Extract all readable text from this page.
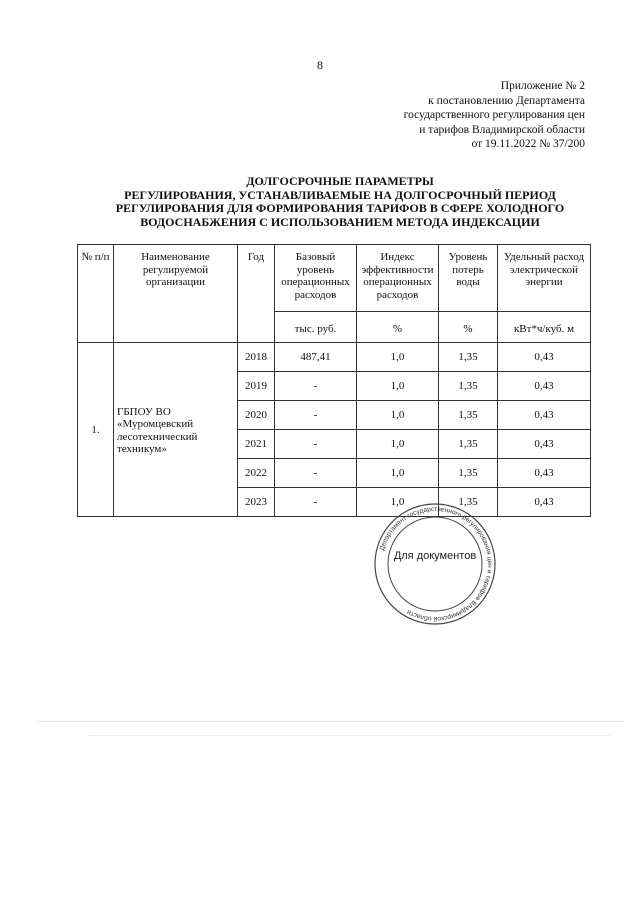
8
Приложение № 2
к постановлению Департамента
государственного регулирования цен
и тарифов Владимирской области
от 19.11.2022 № 37/200
ДОЛГОСРОЧНЫЕ ПАРАМЕТРЫ
РЕГУЛИРОВАНИЯ, УСТАНАВЛИВАЕМЫЕ НА ДОЛГОСРОЧНЫЙ ПЕРИОД
РЕГУЛИРОВАНИЯ ДЛЯ ФОРМИРОВАНИЯ ТАРИФОВ В СФЕРЕ ХОЛОДНОГО
ВОДОСНАБЖЕНИЯ С ИСПОЛЬЗОВАНИЕМ МЕТОДА ИНДЕКСАЦИИ
№ п/п	Наименование регулируемой организации	Год	Базовый уровень операционных расходов	Индекс эффективности операционных расходов	Уровень потерь воды	Удельный расход электрической энергии
			тыс. руб.	%	%	кВт*ч/куб. м
1.	ГБПОУ ВО «Муромцевский лесотехнический техникум»	2018	487,41	1,0	1,35	0,43
		2019	-	1,0	1,35	0,43
		2020	-	1,0	1,35	0,43
		2021	-	1,0	1,35	0,43
		2022	-	1,0	1,35	0,43
		2023	-	1,0	1,35	0,43
Департамент государственного регулирования цен и тарифов Владимирской области
Для документов
